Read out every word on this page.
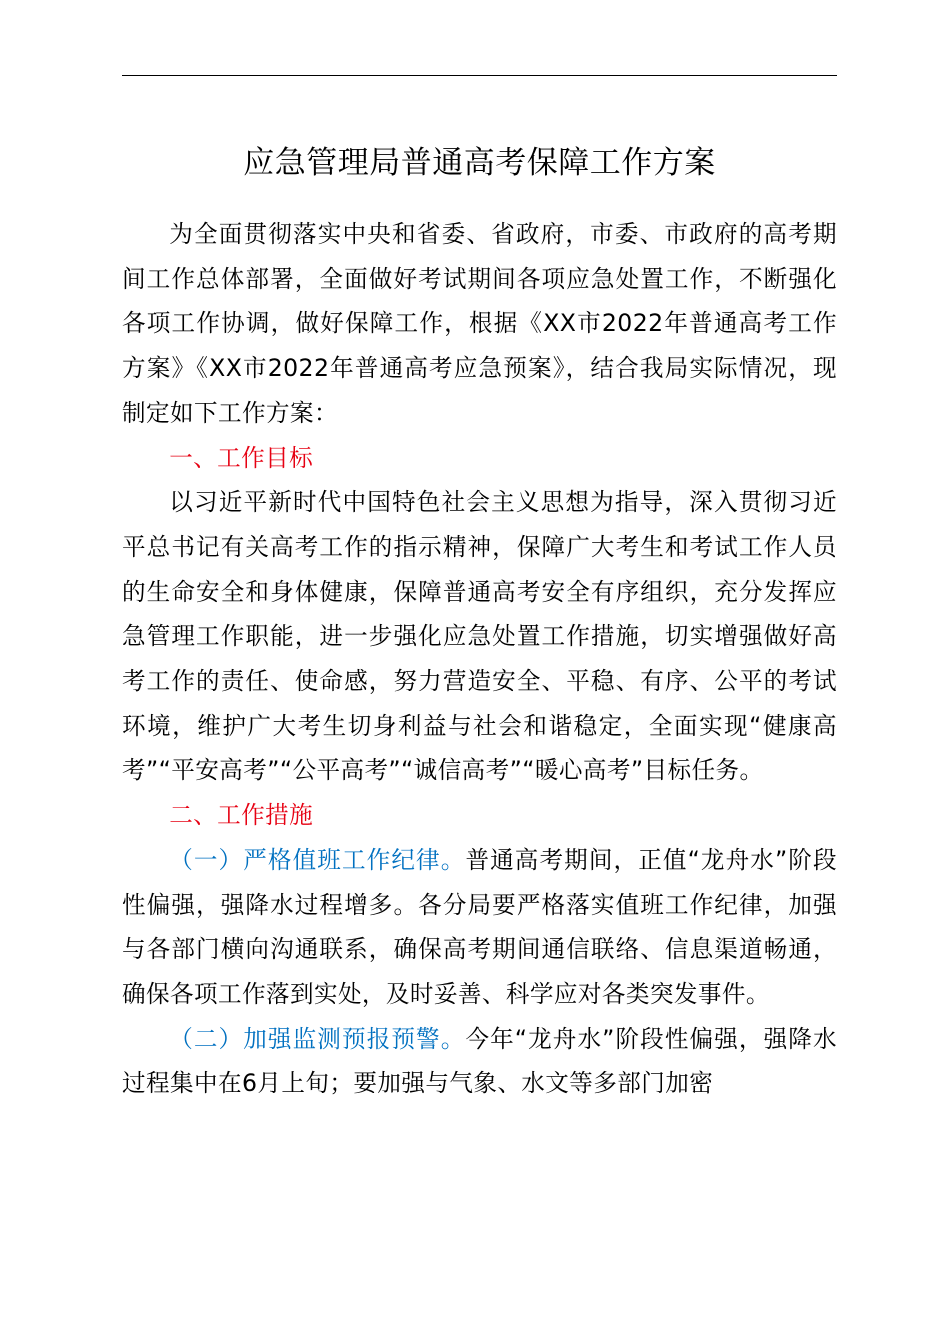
应急管理局普通高考保障工作方案

为全面贯彻落实中央和省委、省政府，市委、市政府的高考期间工作总体部署，全面做好考试期间各项应急处置工作，不断强化各项工作协调，做好保障工作，根据《XX市2022年普通高考工作方案》《XX市2022年普通高考应急预案》，结合我局实际情况，现制定如下工作方案：

一、工作目标

以习近平新时代中国特色社会主义思想为指导，深入贯彻习近平总书记有关高考工作的指示精神，保障广大考生和考试工作人员的生命安全和身体健康，保障普通高考安全有序组织，充分发挥应急管理工作职能，进一步强化应急处置工作措施，切实增强做好高考工作的责任、使命感，努力营造安全、平稳、有序、公平的考试环境，维护广大考生切身利益与社会和谐稳定，全面实现“健康高考”“平安高考”“公平高考”“诚信高考”“暖心高考”目标任务。

二、工作措施

（一）严格值班工作纪律。普通高考期间，正值“龙舟水”阶段性偏强，强降水过程增多。各分局要严格落实值班工作纪律，加强与各部门横向沟通联系，确保高考期间通信联络、信息渠道畅通，确保各项工作落到实处，及时妥善、科学应对各类突发事件。

（二）加强监测预报预警。今年“龙舟水”阶段性偏强，强降水过程集中在6月上旬；要加强与气象、水文等多部门加密
